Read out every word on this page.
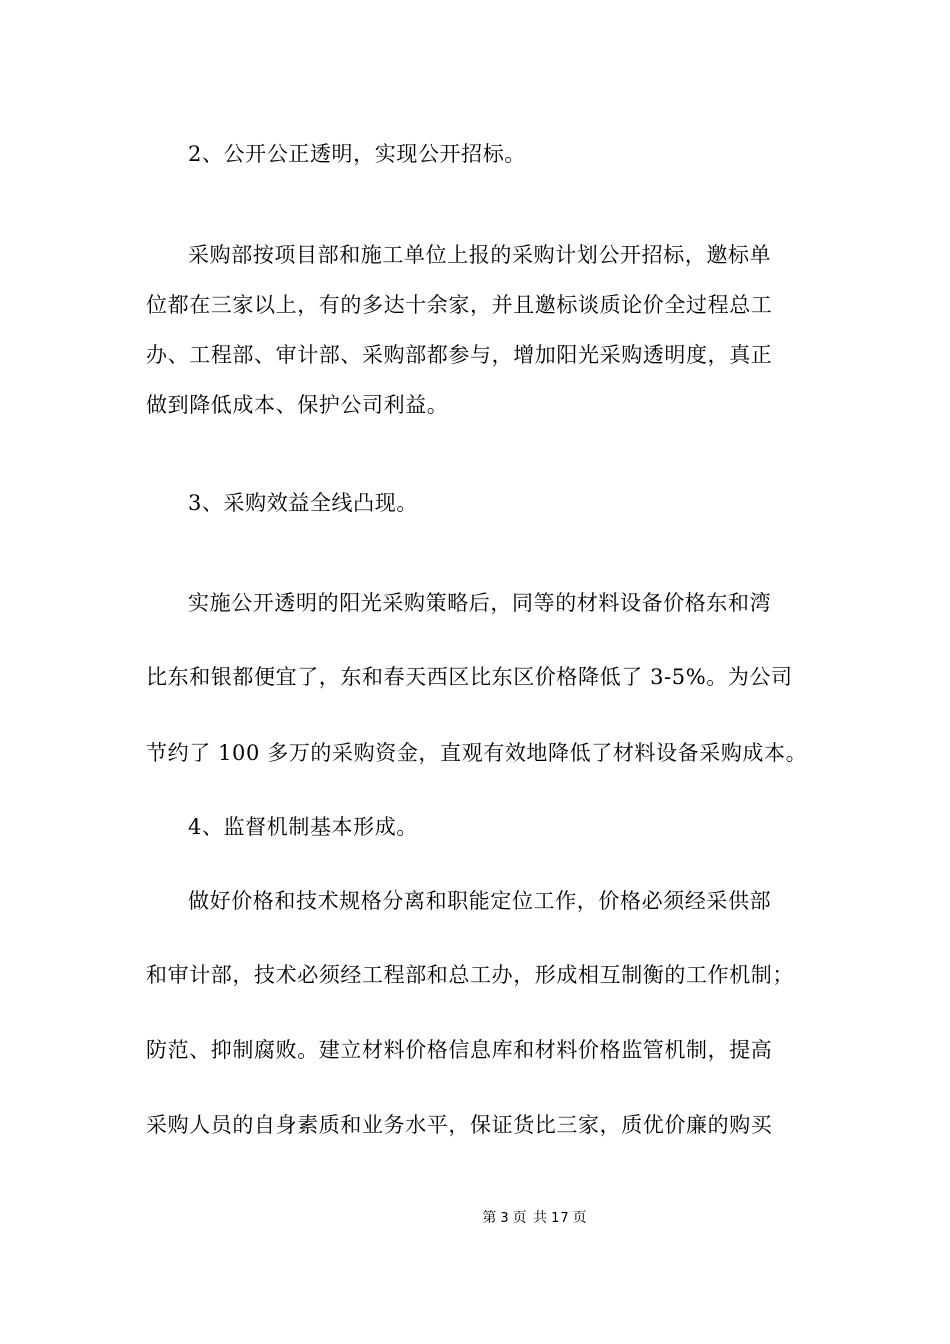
2、公开公正透明，实现公开招标。
采购部按项目部和施工单位上报的采购计划公开招标，邀标单
位都在三家以上，有的多达十余家，并且邀标谈质论价全过程总工
办、工程部、审计部、采购部都参与，增加阳光采购透明度，真正
做到降低成本、保护公司利益。
3、采购效益全线凸现。
实施公开透明的阳光采购策略后，同等的材料设备价格东和湾
比东和银都便宜了，东和春天西区比东区价格降低了 3-5%。为公司
节约了 100 多万的采购资金，直观有效地降低了材料设备采购成本。
4、监督机制基本形成。
做好价格和技术规格分离和职能定位工作，价格必须经采供部
和审计部，技术必须经工程部和总工办，形成相互制衡的工作机制；
防范、抑制腐败。建立材料价格信息库和材料价格监管机制，提高
采购人员的自身素质和业务水平，保证货比三家，质优价廉的购买
第 3 页 共 17 页
